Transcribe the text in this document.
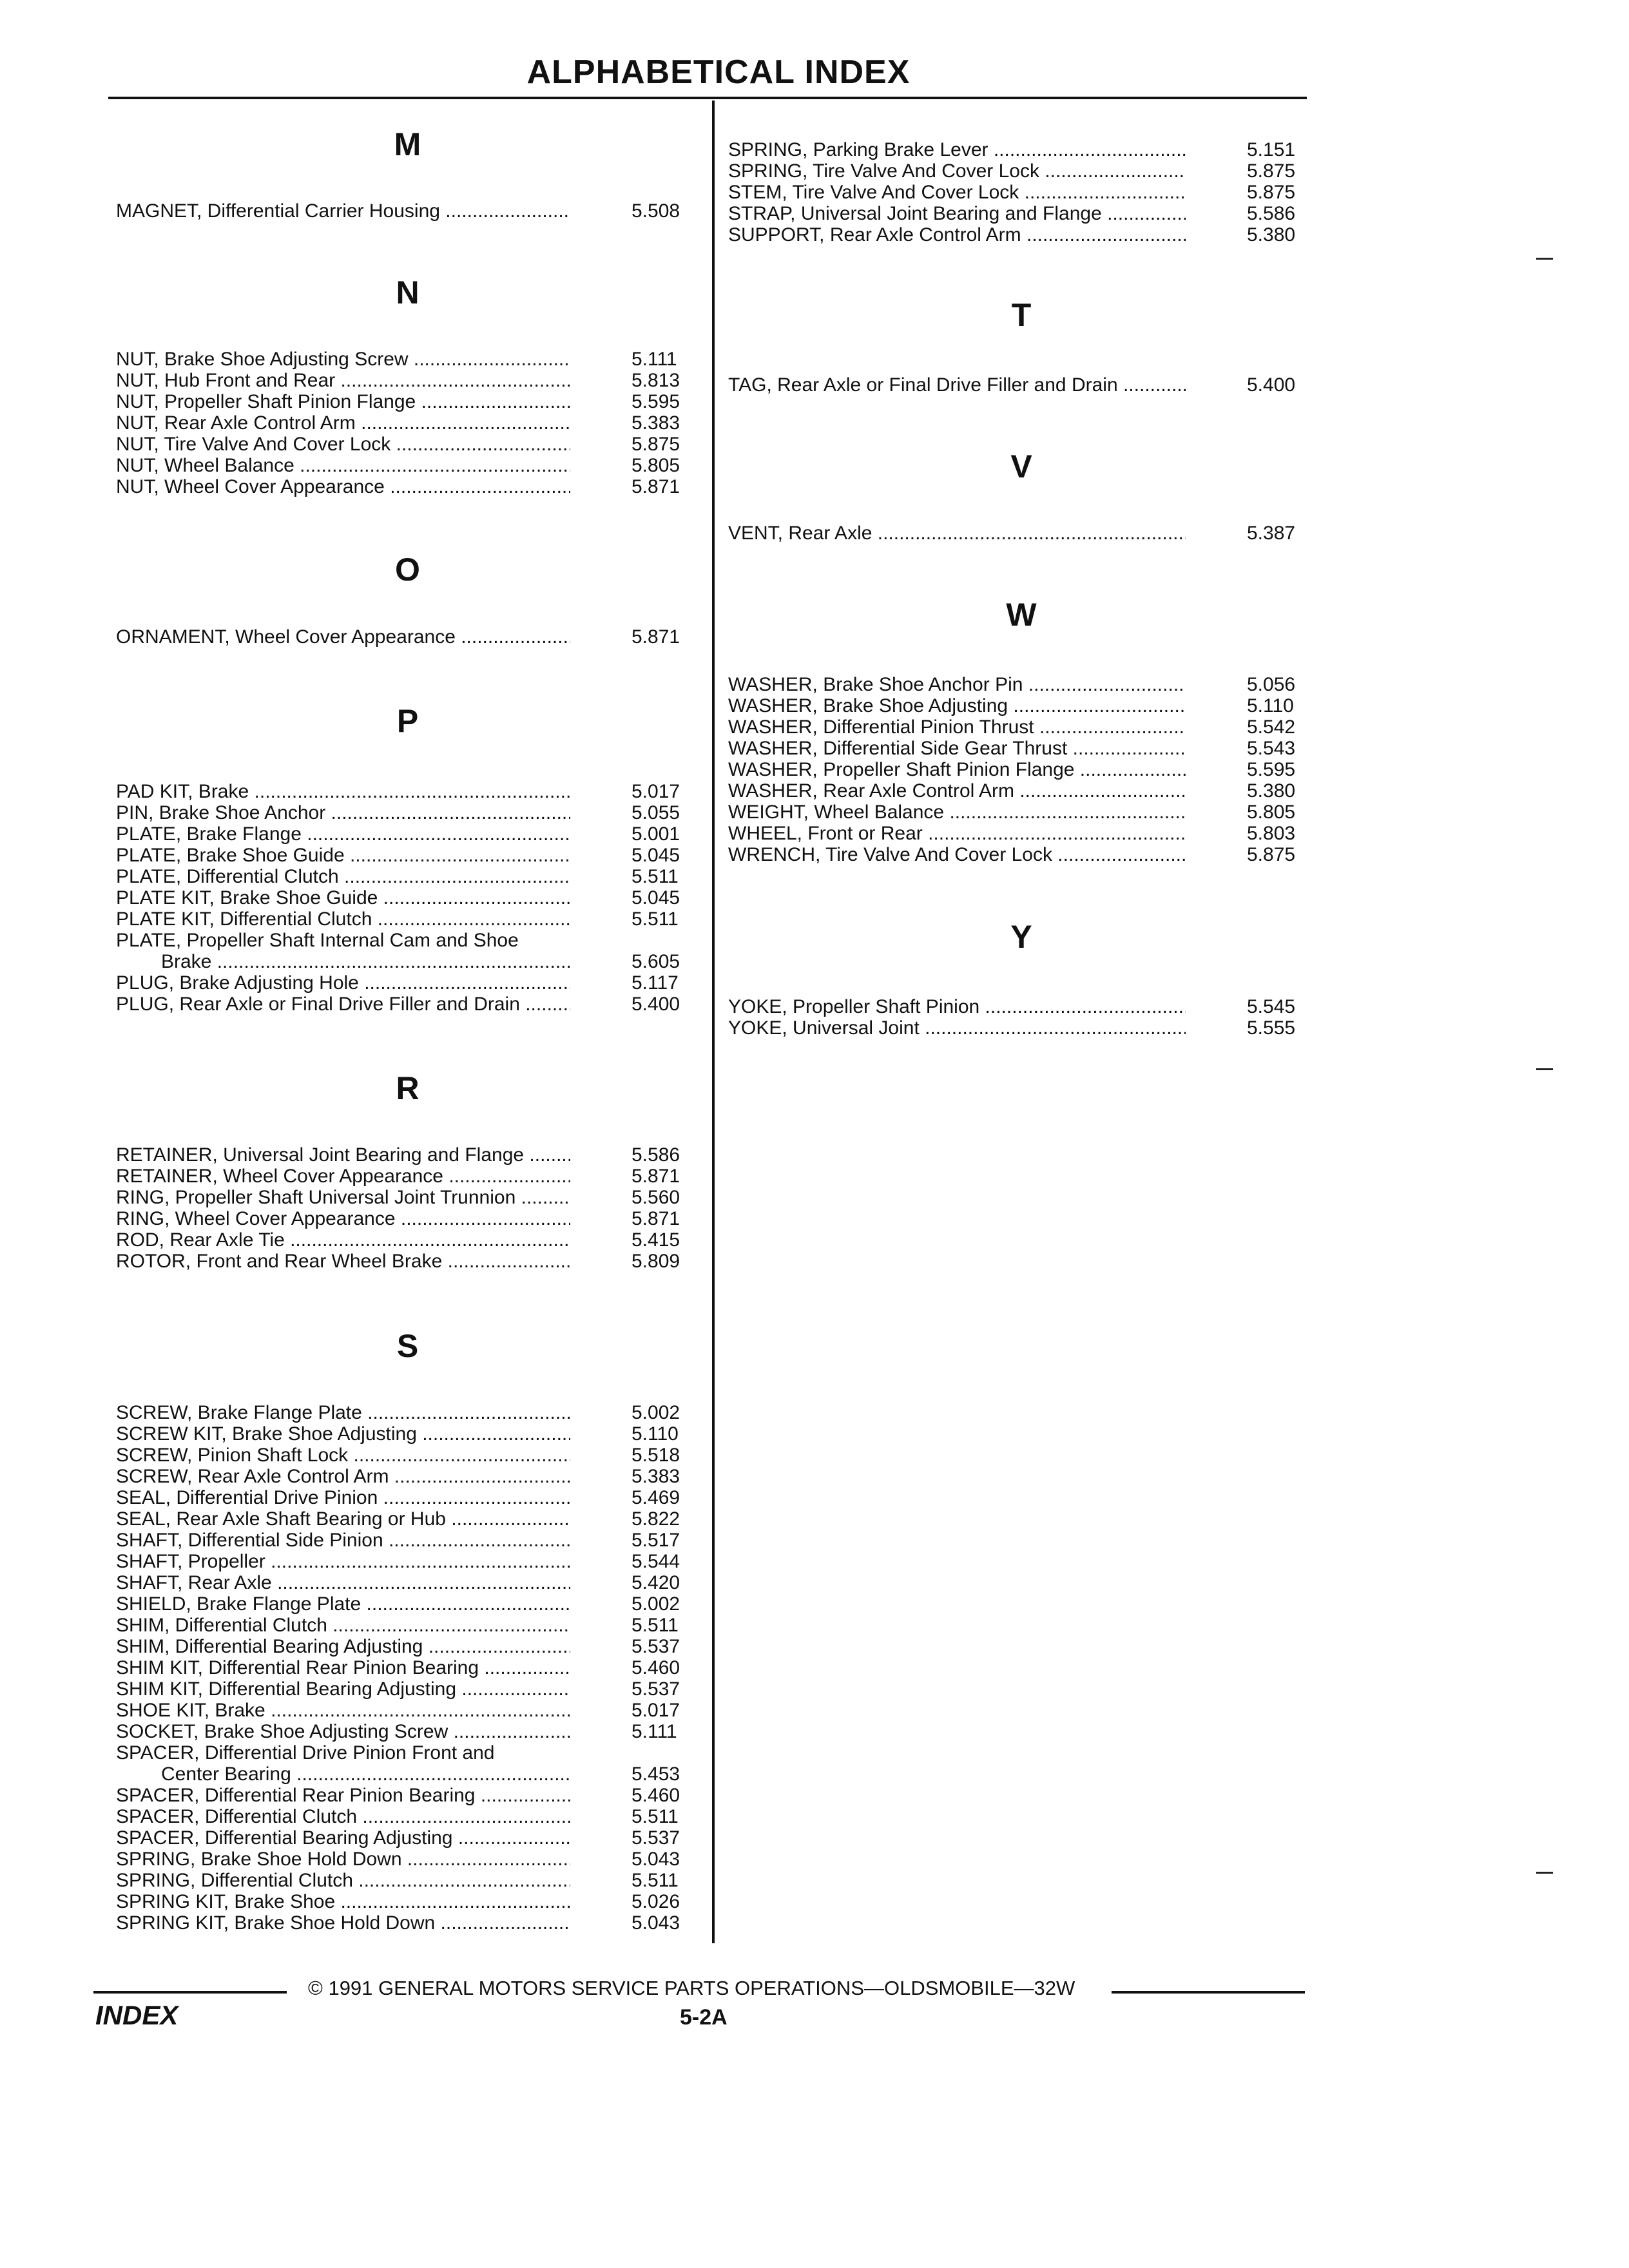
ALPHABETICAL INDEX
M
MAGNET, Differential Carrier Housing .....	5.508
N
NUT, Brake Shoe Adjusting Screw .....	5.111
NUT, Hub Front and Rear .....	5.813
NUT, Propeller Shaft Pinion Flange .....	5.595
NUT, Rear Axle Control Arm .....	5.383
NUT, Tire Valve And Cover Lock .....	5.875
NUT, Wheel Balance .....	5.805
NUT, Wheel Cover Appearance .....	5.871
O
ORNAMENT, Wheel Cover Appearance .....	5.871
P
PAD KIT, Brake .....	5.017
PIN, Brake Shoe Anchor .....	5.055
PLATE, Brake Flange .....	5.001
PLATE, Brake Shoe Guide .....	5.045
PLATE, Differential Clutch .....	5.511
PLATE KIT, Brake Shoe Guide .....	5.045
PLATE KIT, Differential Clutch .....	5.511
PLATE, Propeller Shaft Internal Cam and Shoe
Brake .....	5.605
PLUG, Brake Adjusting Hole .....	5.117
PLUG, Rear Axle or Final Drive Filler and Drain .....	5.400
R
RETAINER, Universal Joint Bearing and Flange .....	5.586
RETAINER, Wheel Cover Appearance .....	5.871
RING, Propeller Shaft Universal Joint Trunnion .....	5.560
RING, Wheel Cover Appearance .....	5.871
ROD, Rear Axle Tie .....	5.415
ROTOR, Front and Rear Wheel Brake .....	5.809
S
SCREW, Brake Flange Plate .....	5.002
SCREW KIT, Brake Shoe Adjusting .....	5.110
SCREW, Pinion Shaft Lock .....	5.518
SCREW, Rear Axle Control Arm .....	5.383
SEAL, Differential Drive Pinion .....	5.469
SEAL, Rear Axle Shaft Bearing or Hub .....	5.822
SHAFT, Differential Side Pinion .....	5.517
SHAFT, Propeller .....	5.544
SHAFT, Rear Axle .....	5.420
SHIELD, Brake Flange Plate .....	5.002
SHIM, Differential Clutch .....	5.511
SHIM, Differential Bearing Adjusting .....	5.537
SHIM KIT, Differential Rear Pinion Bearing .....	5.460
SHIM KIT, Differential Bearing Adjusting .....	5.537
SHOE KIT, Brake .....	5.017
SOCKET, Brake Shoe Adjusting Screw .....	5.111
SPACER, Differential Drive Pinion Front and
Center Bearing .....	5.453
SPACER, Differential Rear Pinion Bearing .....	5.460
SPACER, Differential Clutch .....	5.511
SPACER, Differential Bearing Adjusting .....	5.537
SPRING, Brake Shoe Hold Down .....	5.043
SPRING, Differential Clutch .....	5.511
SPRING KIT, Brake Shoe .....	5.026
SPRING KIT, Brake Shoe Hold Down .....	5.043
SPRING, Parking Brake Lever .....	5.151
SPRING, Tire Valve And Cover Lock .....	5.875
STEM, Tire Valve And Cover Lock .....	5.875
STRAP, Universal Joint Bearing and Flange .....	5.586
SUPPORT, Rear Axle Control Arm .....	5.380
T
TAG, Rear Axle or Final Drive Filler and Drain .....	5.400
V
VENT, Rear Axle .....	5.387
W
WASHER, Brake Shoe Anchor Pin .....	5.056
WASHER, Brake Shoe Adjusting .....	5.110
WASHER, Differential Pinion Thrust .....	5.542
WASHER, Differential Side Gear Thrust .....	5.543
WASHER, Propeller Shaft Pinion Flange .....	5.595
WASHER, Rear Axle Control Arm .....	5.380
WEIGHT, Wheel Balance .....	5.805
WHEEL, Front or Rear .....	5.803
WRENCH, Tire Valve And Cover Lock .....	5.875
Y
YOKE, Propeller Shaft Pinion .....	5.545
YOKE, Universal Joint .....	5.555
© 1991 GENERAL MOTORS SERVICE PARTS OPERATIONS—OLDSMOBILE—32W
INDEX	5-2A
